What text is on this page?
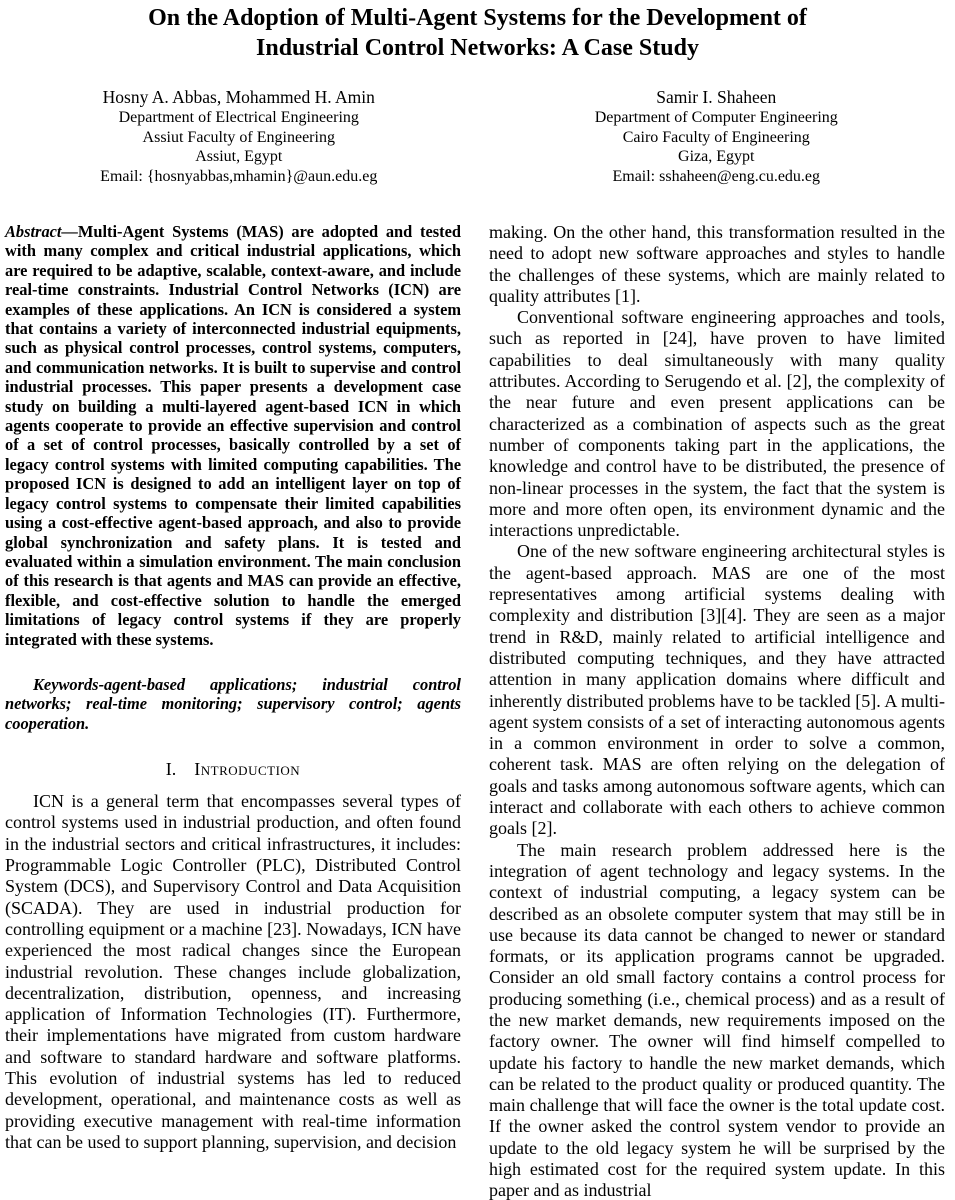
On the Adoption of Multi-Agent Systems for the Development of
Industrial Control Networks: A Case Study
Hosny A. Abbas, Mohammed H. Amin
Department of Electrical Engineering
Assiut Faculty of Engineering
Assiut, Egypt
Email: {hosnyabbas,mhamin}@aun.edu.eg
Samir I. Shaheen
Department of Computer Engineering
Cairo Faculty of Engineering
Giza, Egypt
Email: sshaheen@eng.cu.edu.eg

Abstract—Multi-Agent Systems (MAS) are adopted and tested with many complex and critical industrial applications, which are required to be adaptive, scalable, context-aware, and include real-time constraints. Industrial Control Networks (ICN) are examples of these applications. An ICN is considered a system that contains a variety of interconnected industrial equipments, such as physical control processes, control systems, computers, and communication networks. It is built to supervise and control industrial processes. This paper presents a development case study on building a multi-layered agent-based ICN in which agents cooperate to provide an effective supervision and control of a set of control processes, basically controlled by a set of legacy control systems with limited computing capabilities. The proposed ICN is designed to add an intelligent layer on top of legacy control systems to compensate their limited capabilities using a cost-effective agent-based approach, and also to provide global synchronization and safety plans. It is tested and evaluated within a simulation environment. The main conclusion of this research is that agents and MAS can provide an effective, flexible, and cost-effective solution to handle the emerged limitations of legacy control systems if they are properly integrated with these systems.

Keywords-agent-based applications; industrial control networks; real-time monitoring; supervisory control; agents cooperation.

I. Introduction

ICN is a general term that encompasses several types of control systems used in industrial production, and often found in the industrial sectors and critical infrastructures, it includes: Programmable Logic Controller (PLC), Distributed Control System (DCS), and Supervisory Control and Data Acquisition (SCADA). They are used in industrial production for controlling equipment or a machine [23]. Nowadays, ICN have experienced the most radical changes since the European industrial revolution. These changes include globalization, decentralization, distribution, openness, and increasing application of Information Technologies (IT). Furthermore, their implementations have migrated from custom hardware and software to standard hardware and software platforms. This evolution of industrial systems has led to reduced development, operational, and maintenance costs as well as providing executive management with real-time information that can be used to support planning, supervision, and decision

making. On the other hand, this transformation resulted in the need to adopt new software approaches and styles to handle the challenges of these systems, which are mainly related to quality attributes [1].

Conventional software engineering approaches and tools, such as reported in [24], have proven to have limited capabilities to deal simultaneously with many quality attributes. According to Serugendo et al. [2], the complexity of the near future and even present applications can be characterized as a combination of aspects such as the great number of components taking part in the applications, the knowledge and control have to be distributed, the presence of non-linear processes in the system, the fact that the system is more and more often open, its environment dynamic and the interactions unpredictable.

One of the new software engineering architectural styles is the agent-based approach. MAS are one of the most representatives among artificial systems dealing with complexity and distribution [3][4]. They are seen as a major trend in R&D, mainly related to artificial intelligence and distributed computing techniques, and they have attracted attention in many application domains where difficult and inherently distributed problems have to be tackled [5]. A multi-agent system consists of a set of interacting autonomous agents in a common environment in order to solve a common, coherent task. MAS are often relying on the delegation of goals and tasks among autonomous software agents, which can interact and collaborate with each others to achieve common goals [2].

The main research problem addressed here is the integration of agent technology and legacy systems. In the context of industrial computing, a legacy system can be described as an obsolete computer system that may still be in use because its data cannot be changed to newer or standard formats, or its application programs cannot be upgraded. Consider an old small factory contains a control process for producing something (i.e., chemical process) and as a result of the new market demands, new requirements imposed on the factory owner. The owner will find himself compelled to update his factory to handle the new market demands, which can be related to the product quality or produced quantity. The main challenge that will face the owner is the total update cost. If the owner asked the control system vendor to provide an update to the old legacy system he will be surprised by the high estimated cost for the required system update. In this paper and as industrial
